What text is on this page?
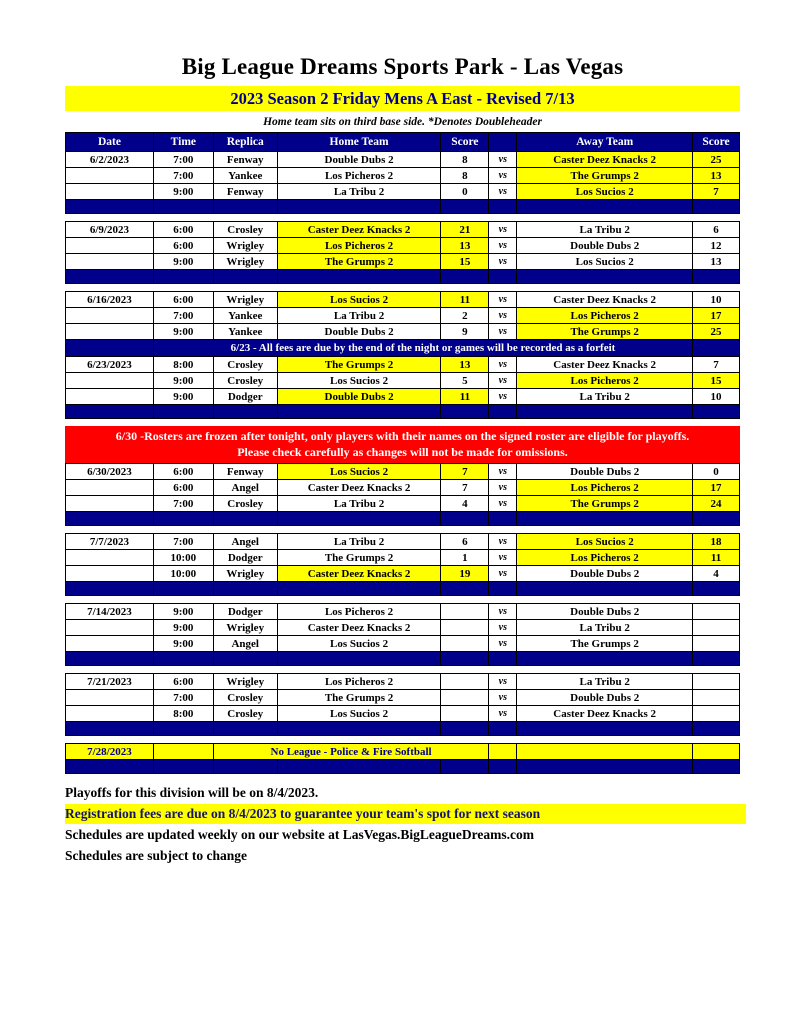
Big League Dreams Sports Park - Las Vegas
2023 Season 2 Friday Mens A East - Revised 7/13
Home team sits on third base side. *Denotes Doubleheader
Date	Time	Replica	Home Team	Score	Away Team	Score
6/2/2023	7:00	Fenway	Double Dubs 2	8	vs	Caster Deez Knacks 2	25
7:00	Yankee	Los Picheros 2	8	vs	The Grumps 2	13
9:00	Fenway	La Tribu 2	0	vs	Los Sucios 2	7
6/9/2023	6:00	Crosley	Caster Deez Knacks 2	21	vs	La Tribu 2	6
6:00	Wrigley	Los Picheros 2	13	vs	Double Dubs 2	12
9:00	Wrigley	The Grumps 2	15	vs	Los Sucios 2	13
6/16/2023	6:00	Wrigley	Los Sucios 2	11	vs	Caster Deez Knacks 2	10
7:00	Yankee	La Tribu 2	2	vs	Los Picheros 2	17
9:00	Yankee	Double Dubs 2	9	vs	The Grumps 2	25
6/23 - All fees are due by the end of the night or games will be recorded as a forfeit
6/23/2023	8:00	Crosley	The Grumps 2	13	vs	Caster Deez Knacks 2	7
9:00	Crosley	Los Sucios 2	5	vs	Los Picheros 2	15
9:00	Dodger	Double Dubs 2	11	vs	La Tribu 2	10
6/30 -Rosters are frozen after tonight, only players with their names on the signed roster are eligible for playoffs.
Please check carefully as changes will not be made for omissions.
6/30/2023	6:00	Fenway	Los Sucios 2	7	vs	Double Dubs 2	0
6:00	Angel	Caster Deez Knacks 2	7	vs	Los Picheros 2	17
7:00	Crosley	La Tribu 2	4	vs	The Grumps 2	24
7/7/2023	7:00	Angel	La Tribu 2	6	vs	Los Sucios 2	18
10:00	Dodger	The Grumps 2	1	vs	Los Picheros 2	11
10:00	Wrigley	Caster Deez Knacks 2	19	vs	Double Dubs 2	4
7/14/2023	9:00	Dodger	Los Picheros 2	vs	Double Dubs 2
9:00	Wrigley	Caster Deez Knacks 2	vs	La Tribu 2
9:00	Angel	Los Sucios 2	vs	The Grumps 2
7/21/2023	6:00	Wrigley	Los Picheros 2	vs	La Tribu 2
7:00	Crosley	The Grumps 2	vs	Double Dubs 2
8:00	Crosley	Los Sucios 2	vs	Caster Deez Knacks 2
7/28/2023	No League - Police & Fire Softball
Playoffs for this division will be on 8/4/2023.
Registration fees are due on 8/4/2023 to guarantee your team's spot for next season
Schedules are updated weekly on our website at LasVegas.BigLeagueDreams.com
Schedules are subject to change
